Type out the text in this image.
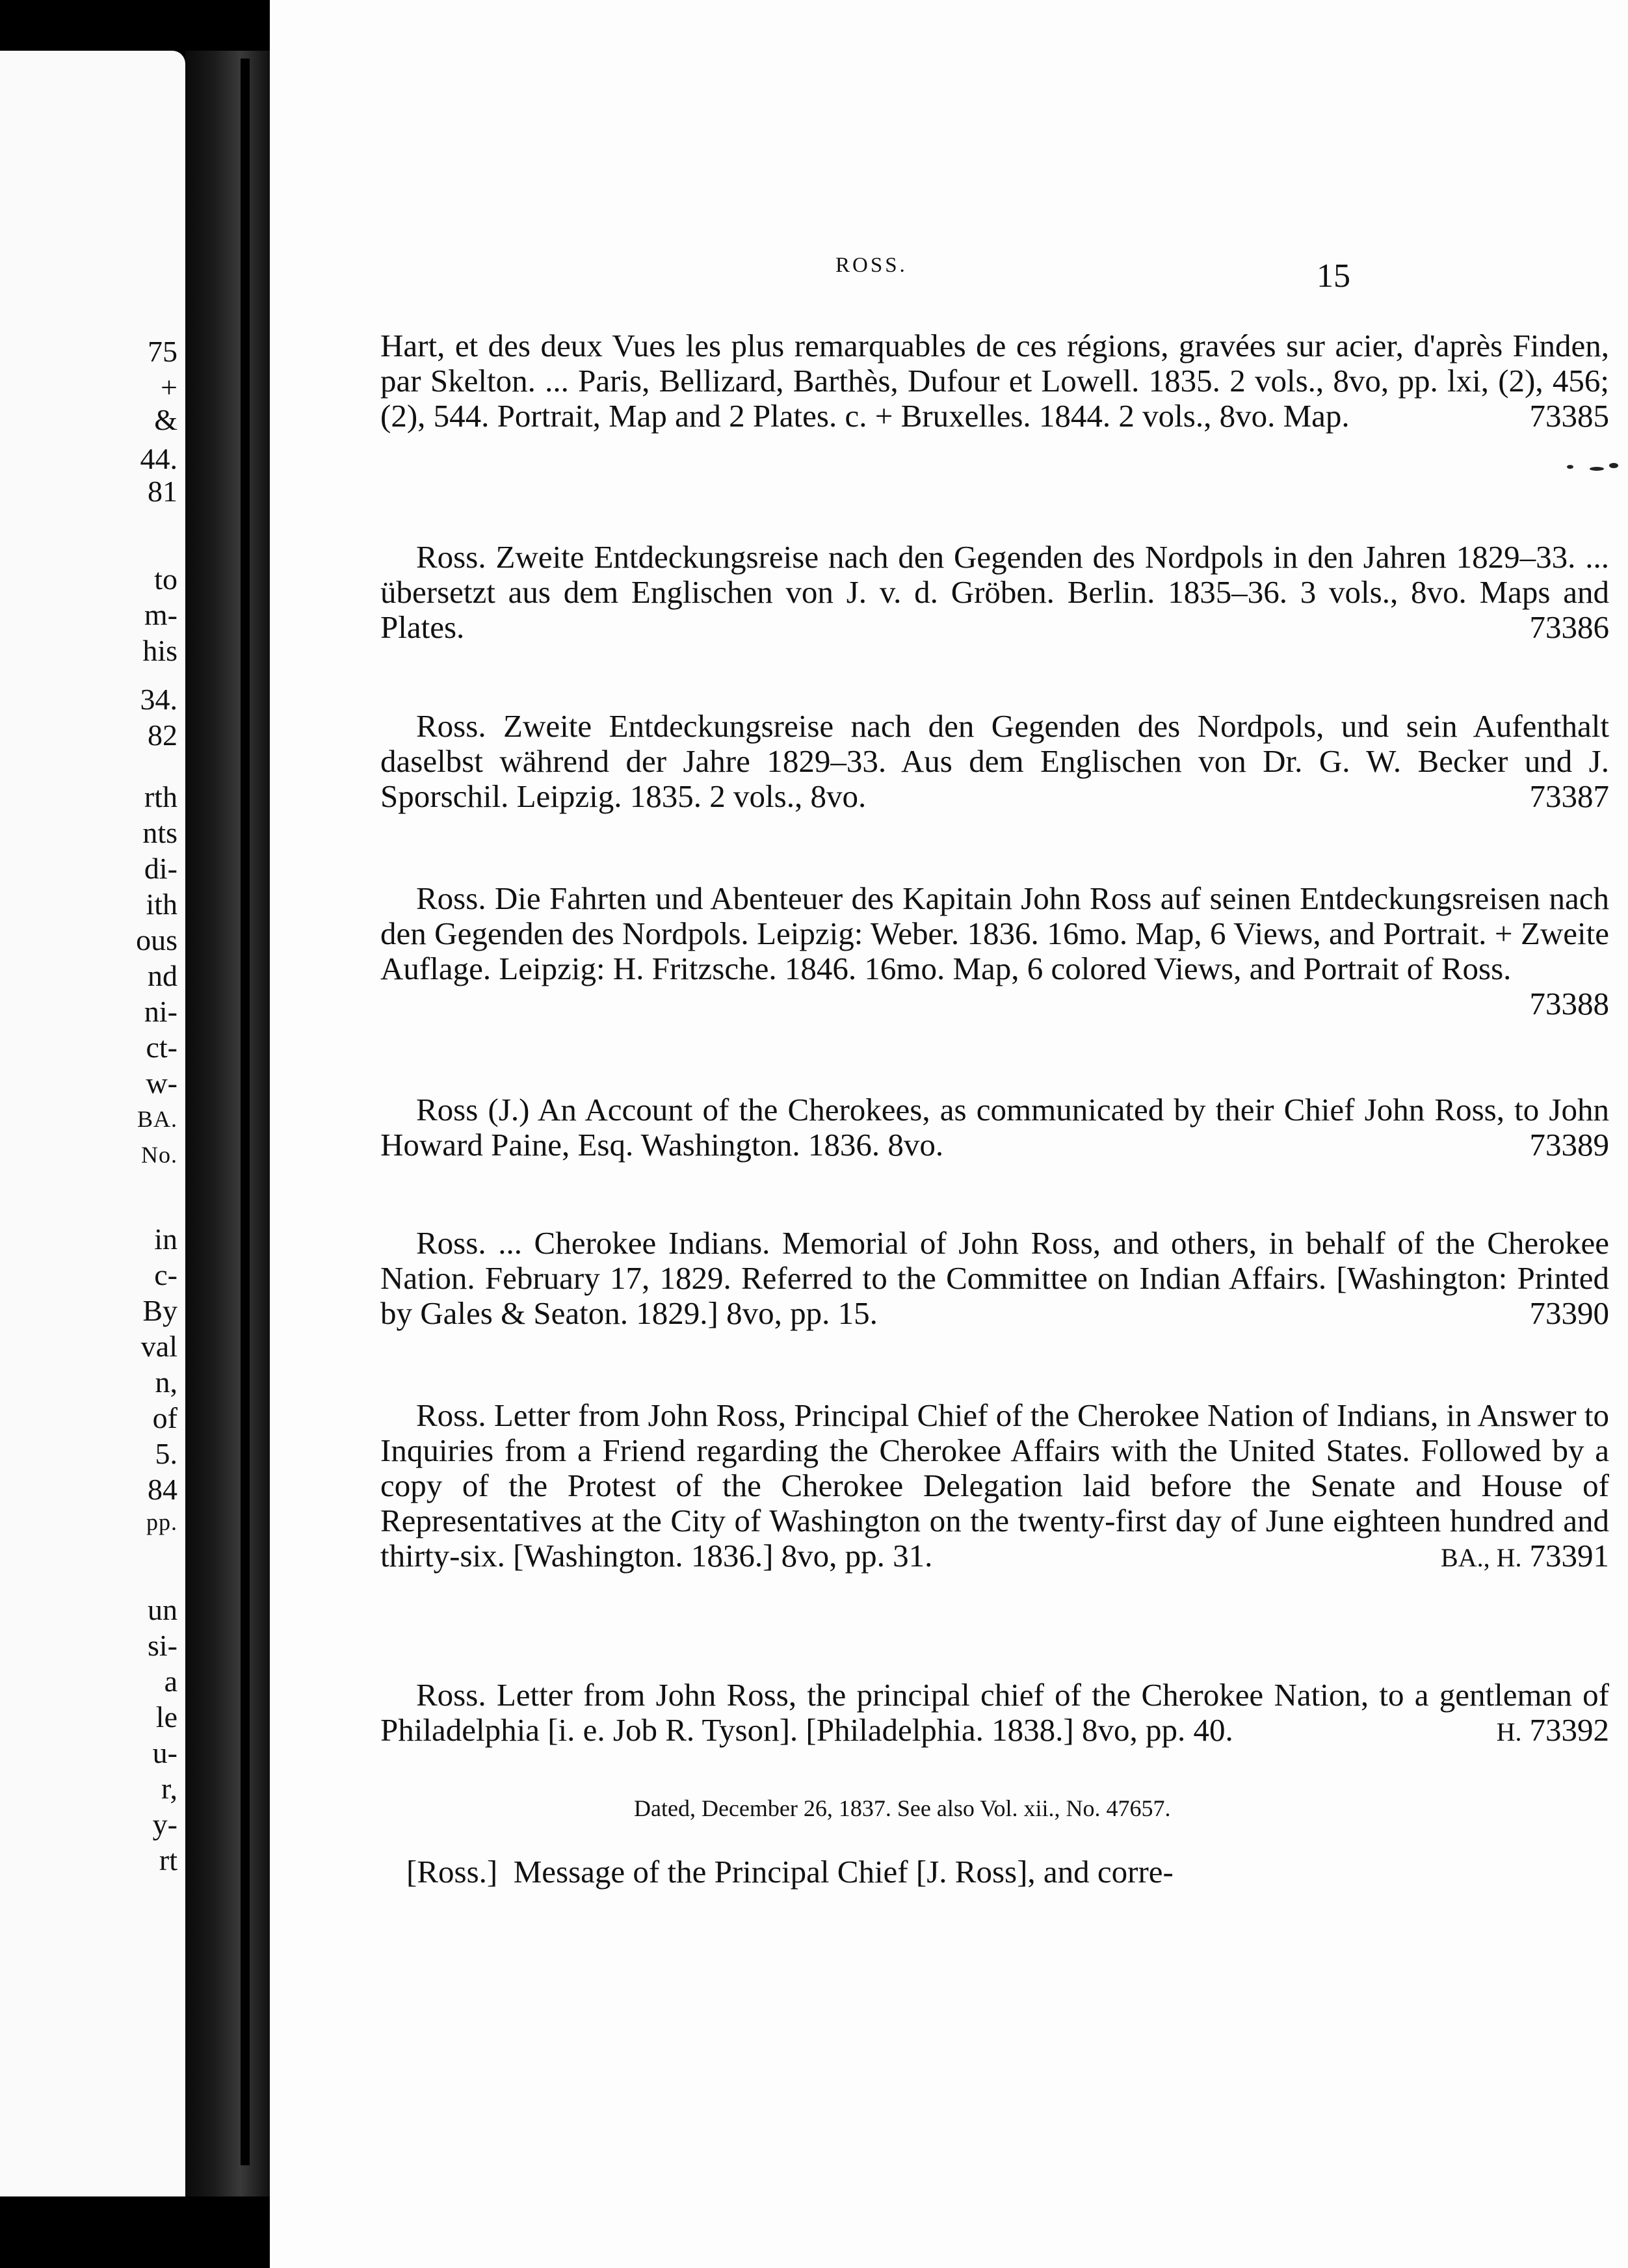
75
+
&
44.
81
to
m-
his
34.
82
rth
nts
di-
ith
ous
nd
ni-
ct-
w-
BA.
No.
in
c-
By
val
n,
of
5.
84
pp.
un
si-
a
le
u-
r,
y-
rt
ROSS.	15
Hart, et des deux Vues les plus remarquables de ces régions, gravées sur acier, d'après Finden, par Skelton. ... Paris, Bellizard, Barthès, Dufour et Lowell. 1835. 2 vols., 8vo, pp. lxi, (2), 456; (2), 544. Portrait, Map and 2 Plates. c. + Bruxelles. 1844. 2 vols., 8vo. Map.	73385
Ross. Zweite Entdeckungsreise nach den Gegenden des Nordpols in den Jahren 1829–33. ... übersetzt aus dem Englischen von J. v. d. Gröben. Berlin. 1835–36. 3 vols., 8vo. Maps and Plates.	73386
Ross. Zweite Entdeckungsreise nach den Gegenden des Nordpols, und sein Aufenthalt daselbst während der Jahre 1829–33. Aus dem Englischen von Dr. G. W. Becker und J. Sporschil. Leipzig. 1835. 2 vols., 8vo.	73387
Ross. Die Fahrten und Abenteuer des Kapitain John Ross auf seinen Entdeckungsreisen nach den Gegenden des Nordpols. Leipzig: Weber. 1836. 16mo. Map, 6 Views, and Portrait. + Zweite Auflage. Leipzig: H. Fritzsche. 1846. 16mo. Map, 6 colored Views, and Portrait of Ross.
73388
Ross (J.) An Account of the Cherokees, as communicated by their Chief John Ross, to John Howard Paine, Esq. Washington. 1836. 8vo.	73389
Ross. ... Cherokee Indians. Memorial of John Ross, and others, in behalf of the Cherokee Nation. February 17, 1829. Referred to the Committee on Indian Affairs. [Washington: Printed by Gales & Seaton. 1829.] 8vo, pp. 15.	73390
Ross. Letter from John Ross, Principal Chief of the Cherokee Nation of Indians, in Answer to Inquiries from a Friend regarding the Cherokee Affairs with the United States. Followed by a copy of the Protest of the Cherokee Delegation laid before the Senate and House of Representatives at the City of Washington on the twenty-first day of June eighteen hundred and thirty-six. [Washington. 1836.] 8vo, pp. 31.	BA., H. 73391
Ross. Letter from John Ross, the principal chief of the Cherokee Nation, to a gentleman of Philadelphia [i. e. Job R. Tyson]. [Philadelphia. 1838.] 8vo, pp. 40.	H. 73392
Dated, December 26, 1837. See also Vol. xii., No. 47657.
[Ross.] Message of the Principal Chief [J. Ross], and corre-
